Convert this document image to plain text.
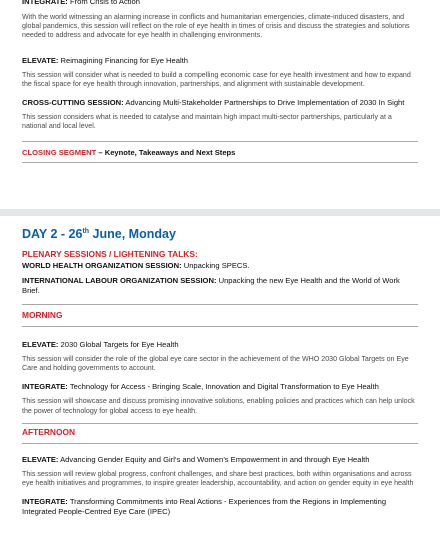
INTEGRATE: From Crisis to Action
With the world witnessing an alarming increase in conflicts and humanitarian emergencies, climate-induced disasters, and global pandemics, this session will reflect on the role of eye health in times of crisis and discuss the strategies and solutions needed to address and advocate for eye health in challenging environments.
ELEVATE: Reimagining Financing for Eye Health
This session will consider what is needed to build a compelling economic case for eye health investment and how to expand the fiscal space for eye health through innovation, partnerships, and alignment with sustainable development.
CROSS-CUTTING SESSION: Advancing Multi-Stakeholder Partnerships to Drive Implementation of 2030 In Sight
This session considers what is needed to catalyse and maintain high impact multi-sector partnerships, particularly at a national and local level.
CLOSING SEGMENT – Keynote, Takeaways and Next Steps
DAY 2 - 26th June, Monday
PLENARY SESSIONS / LIGHTENING TALKS:
WORLD HEALTH ORGANIZATION SESSION: Unpacking SPECS.
INTERNATIONAL LABOUR ORGANIZATION SESSION: Unpacking the new Eye Health and the World of Work Brief.
MORNING
ELEVATE: 2030 Global Targets for Eye Health
This session will consider the role of the global eye care sector in the achievement of the WHO 2030 Global Targets on Eye Care and holding governments to account.
INTEGRATE: Technology for Access - Bringing Scale, Innovation and Digital Transformation to Eye Health
This session will showcase and discuss promising innovative solutions, enabling policies and practices which can help unlock the power of technology for global access to eye health.
AFTERNOON
ELEVATE: Advancing Gender Equity and Girl’s and Women’s Empowerment in and through Eye Health
This session will review global progress, confront challenges, and share best practices, both within organisations and across eye health initiatives and programmes, to inspire greater leadership, accountability, and action on gender equity in eye health
INTEGRATE: Transforming Commitments into Real Actions - Experiences from the Regions in Implementing Integrated People-Centred Eye Care (IPEC)
